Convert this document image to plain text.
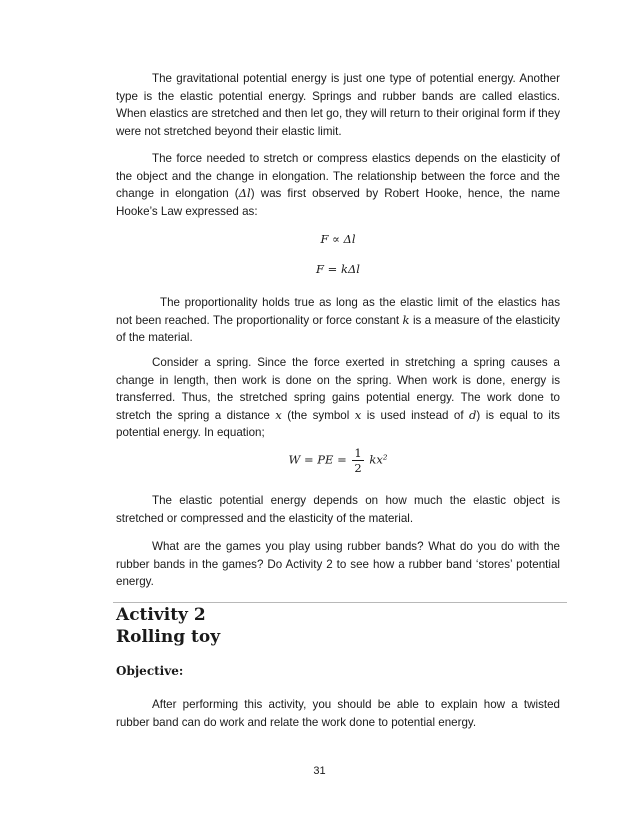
The gravitational potential energy is just one type of potential energy. Another type is the elastic potential energy. Springs and rubber bands are called elastics. When elastics are stretched and then let go, they will return to their original form if they were not stretched beyond their elastic limit.

The force needed to stretch or compress elastics depends on the elasticity of the object and the change in elongation. The relationship between the force and the change in elongation (Δl) was first observed by Robert Hooke, hence, the name Hooke’s Law expressed as:

F ∝ Δl
F = kΔl

The proportionality holds true as long as the elastic limit of the elastics has not been reached. The proportionality or force constant k is a measure of the elasticity of the material.

Consider a spring. Since the force exerted in stretching a spring causes a change in length, then work is done on the spring. When work is done, energy is transferred. Thus, the stretched spring gains potential energy. The work done to stretch the spring a distance x (the symbol x is used instead of d) is equal to its potential energy. In equation;

W = PE = $\frac{1}{2} kx^2$

The elastic potential energy depends on how much the elastic object is stretched or compressed and the elasticity of the material.

What are the games you play using rubber bands? What do you do with the rubber bands in the games? Do Activity 2 to see how a rubber band ‘stores’ potential energy.

Activity 2
Rolling toy
Objective:

After performing this activity, you should be able to explain how a twisted rubber band can do work and relate the work done to potential energy.

31
